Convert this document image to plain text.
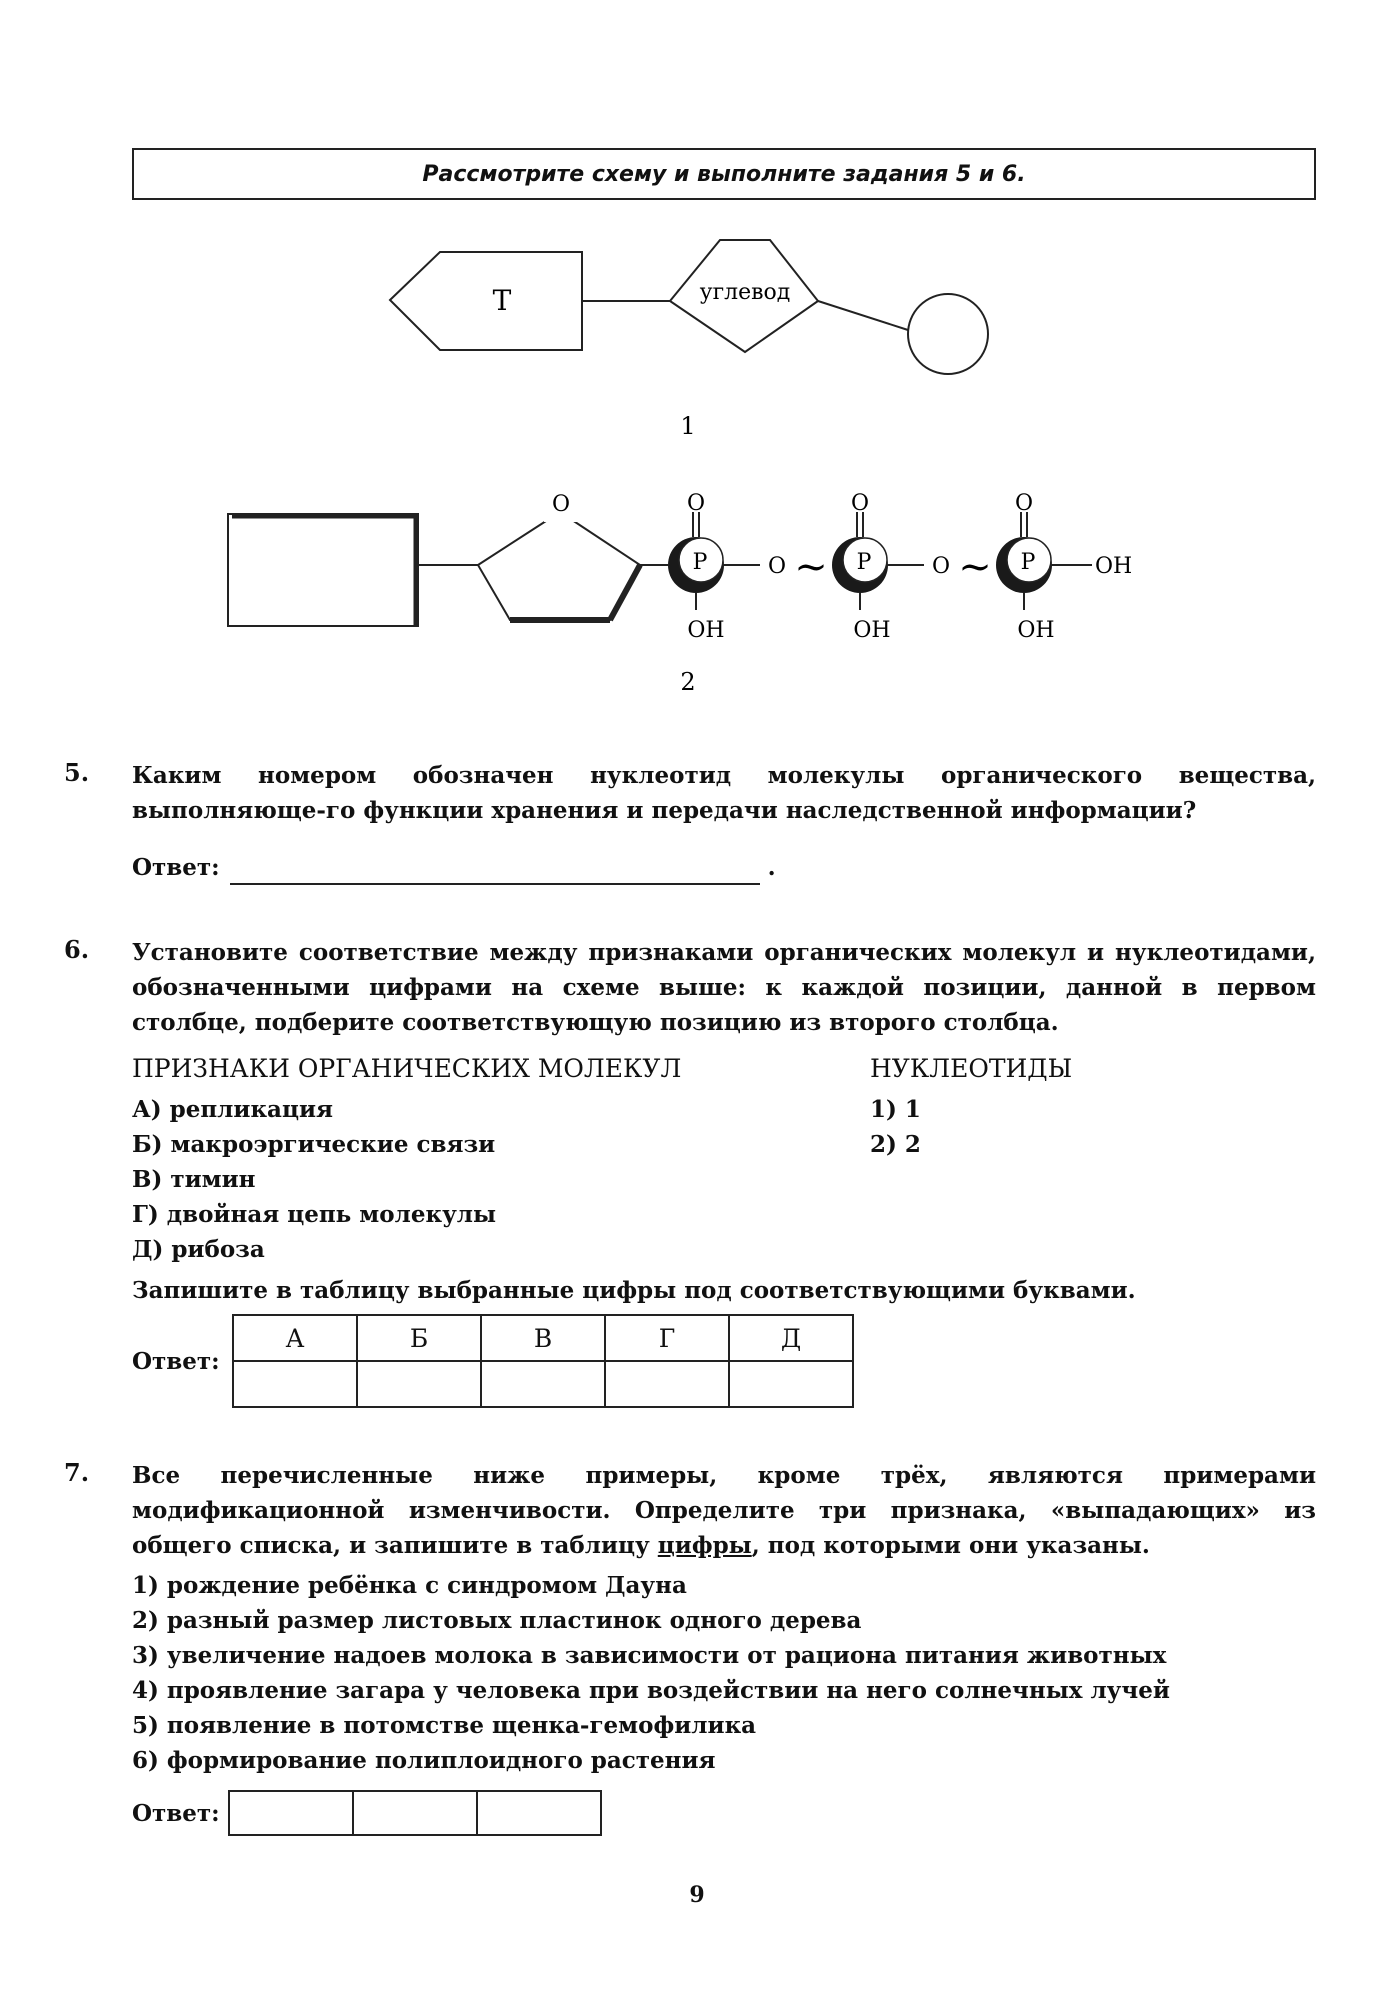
Рассмотрите схему и выполните задания 5 и 6.
Т	углевод
1
O
P
O
OH
O ~ P
O
OH
O ~ P
O
OH
OH
2
5. Каким номером обозначен нуклеотид молекулы органического вещества, выполняюще-го функции хранения и передачи наследственной информации?
Ответ:	.
6. Установите соответствие между признаками органических молекул и нуклеотидами, обозначенными цифрами на схеме выше: к каждой позиции, данной в первом столбце, подберите соответствующую позицию из второго столбца.
ПРИЗНАКИ ОРГАНИЧЕСКИХ МОЛЕКУЛ	НУКЛЕОТИДЫ
А) репликация
Б) макроэргические связи
В) тимин
Г) двойная цепь молекулы
Д) рибоза
1) 1
2) 2
Запишите в таблицу выбранные цифры под соответствующими буквами.
Ответ:
А	Б	В	Г	Д

7. Все перечисленные ниже примеры, кроме трёх, являются примерами модификационной изменчивости. Определите три признака, «выпадающих» из общего списка, и запишите в таблицу цифры, под которыми они указаны.
1) рождение ребёнка с синдромом Дауна
2) разный размер листовых пластинок одного дерева
3) увеличение надоев молока в зависимости от рациона питания животных
4) проявление загара у человека при воздействии на него солнечных лучей
5) появление в потомстве щенка-гемофилика
6) формирование полиплоидного растения
Ответ:

9
